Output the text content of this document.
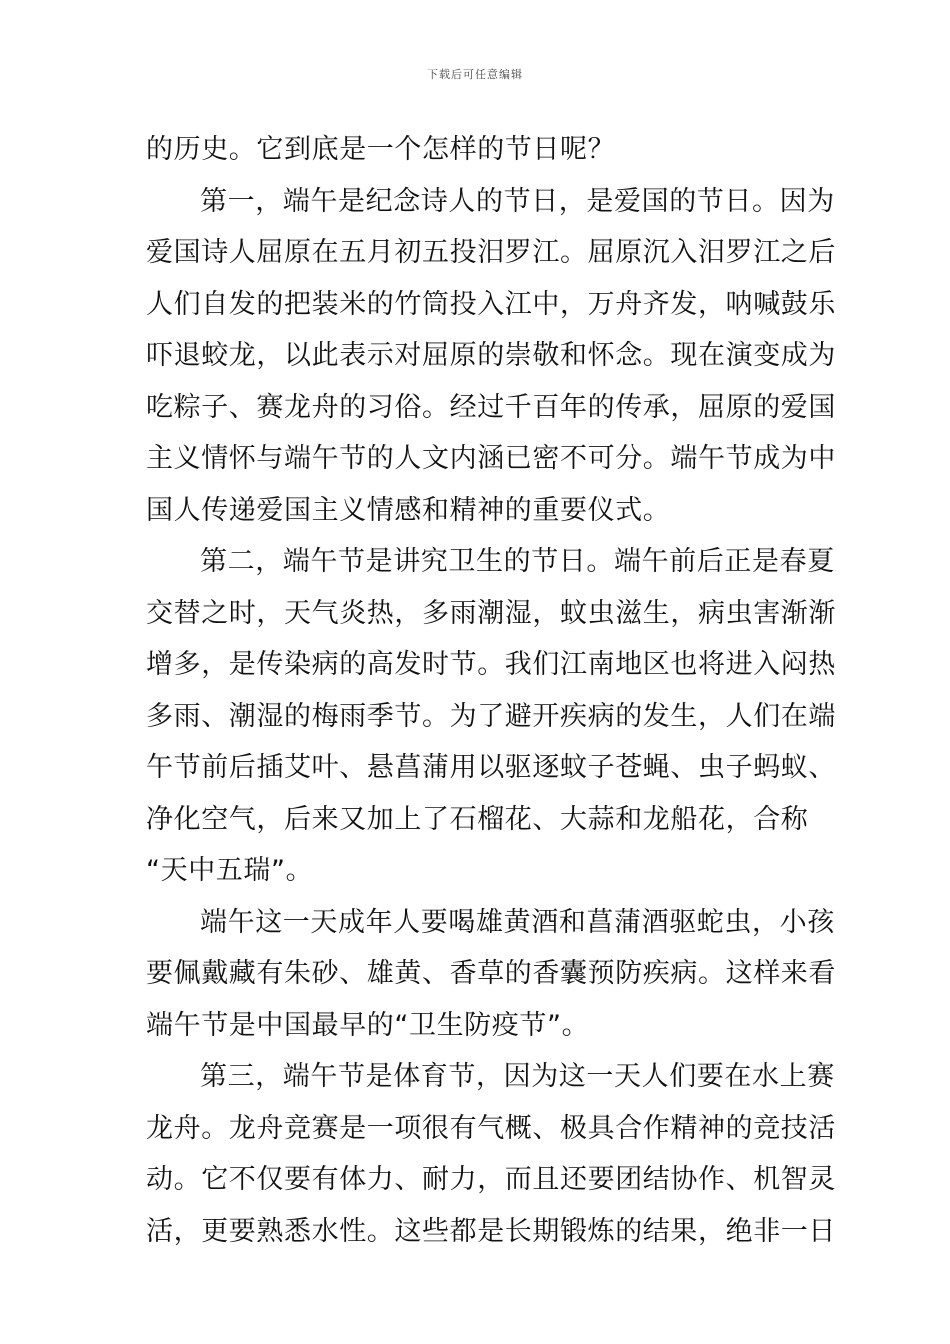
下载后可任意编辑
的历史。它到底是一个怎样的节日呢？
第一，端午是纪念诗人的节日，是爱国的节日。因为
爱国诗人屈原在五月初五投汨罗江。屈原沉入汨罗江之后
人们自发的把装米的竹筒投入江中，万舟齐发，呐喊鼓乐
吓退蛟龙，以此表示对屈原的崇敬和怀念。现在演变成为
吃粽子、赛龙舟的习俗。经过千百年的传承，屈原的爱国
主义情怀与端午节的人文内涵已密不可分。端午节成为中
国人传递爱国主义情感和精神的重要仪式。
第二，端午节是讲究卫生的节日。端午前后正是春夏
交替之时，天气炎热，多雨潮湿，蚊虫滋生，病虫害渐渐
增多，是传染病的高发时节。我们江南地区也将进入闷热
多雨、潮湿的梅雨季节。为了避开疾病的发生，人们在端
午节前后插艾叶、悬菖蒲用以驱逐蚊子苍蝇、虫子蚂蚁、
净化空气，后来又加上了石榴花、大蒜和龙船花，合称
“天中五瑞”。
端午这一天成年人要喝雄黄酒和菖蒲酒驱蛇虫，小孩
要佩戴藏有朱砂、雄黄、香草的香囊预防疾病。这样来看
端午节是中国最早的“卫生防疫节”。
第三，端午节是体育节，因为这一天人们要在水上赛
龙舟。龙舟竞赛是一项很有气概、极具合作精神的竞技活
动。它不仅要有体力、耐力，而且还要团结协作、机智灵
活，更要熟悉水性。这些都是长期锻炼的结果，绝非一日
